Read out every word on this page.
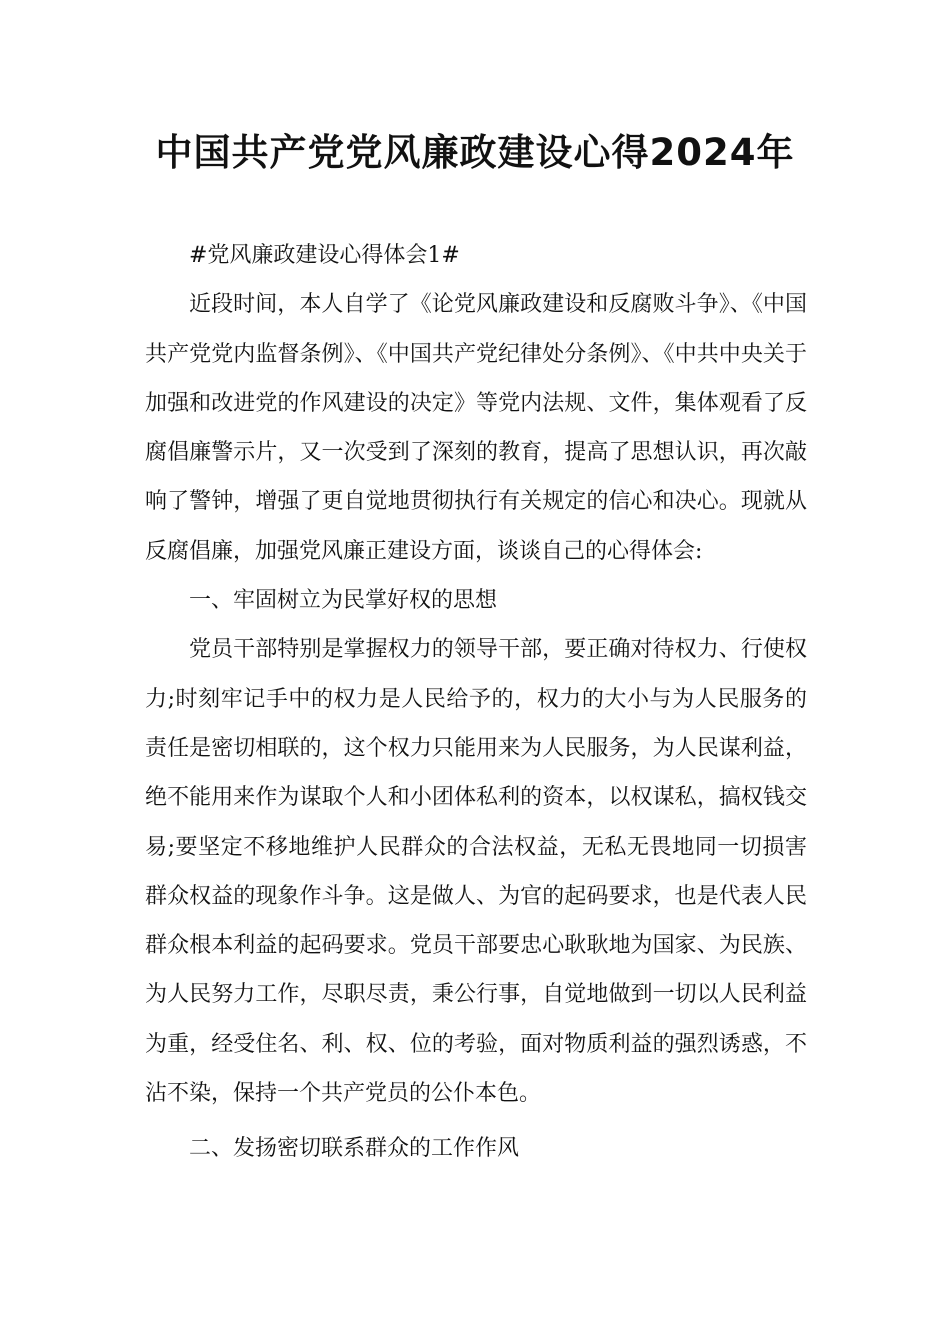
中国共产党党风廉政建设心得2024年

#党风廉政建设心得体会1#

近段时间，本人自学了《论党风廉政建设和反腐败斗争》、《中国共产党党内监督条例》、《中国共产党纪律处分条例》、《中共中央关于加强和改进党的作风建设的决定》等党内法规、文件，集体观看了反腐倡廉警示片，又一次受到了深刻的教育，提高了思想认识，再次敲响了警钟，增强了更自觉地贯彻执行有关规定的信心和决心。现就从反腐倡廉，加强党风廉正建设方面，谈谈自己的心得体会:

一、牢固树立为民掌好权的思想

党员干部特别是掌握权力的领导干部，要正确对待权力、行使权力;时刻牢记手中的权力是人民给予的，权力的大小与为人民服务的责任是密切相联的，这个权力只能用来为人民服务，为人民谋利益，绝不能用来作为谋取个人和小团体私利的资本，以权谋私，搞权钱交易;要坚定不移地维护人民群众的合法权益，无私无畏地同一切损害群众权益的现象作斗争。这是做人、为官的起码要求，也是代表人民群众根本利益的起码要求。党员干部要忠心耿耿地为国家、为民族、为人民努力工作，尽职尽责，秉公行事，自觉地做到一切以人民利益为重，经受住名、利、权、位的考验，面对物质利益的强烈诱惑，不沾不染，保持一个共产党员的公仆本色。

二、发扬密切联系群众的工作作风
